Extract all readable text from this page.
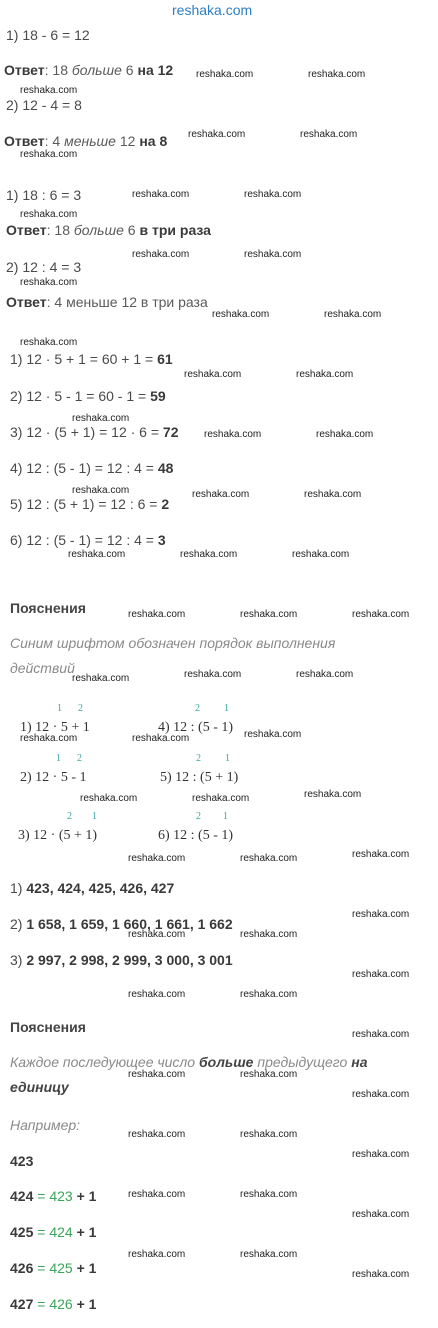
reshaka.com
1) 18 - 6 = 12
Ответ: 18 больше 6 на 12
2) 12 - 4 = 8
Ответ: 4 меньше 12 на 8
1) 18 : 6 = 3
Ответ: 18 больше 6 в три раза
2) 12 : 4 = 3
Ответ: 4 меньше 12 в три раза
1) 12 · 5 + 1 = 60 + 1 = 61
2) 12 · 5 - 1 = 60 - 1 = 59
3) 12 · (5 + 1) = 12 · 6 = 72
4) 12 : (5 - 1) = 12 : 4 = 48
5) 12 : (5 + 1) = 12 : 6 = 2
6) 12 : (5 - 1) = 12 : 4 = 3
Пояснения
Синим шрифтом обозначен порядок выполнения
действий
1) 12 · 5 + 1
1 2
2) 12 · 5 - 1
1 2
3) 12 · (5 + 1)
2 1
4) 12 : (5 - 1)
2 1
5) 12 : (5 + 1)
2 1
6) 12 : (5 - 1)
2 1
1) 423, 424, 425, 426, 427
2) 1 658, 1 659, 1 660, 1 661, 1 662
3) 2 997, 2 998, 2 999, 3 000, 3 001
Пояснения
Каждое последующее число больше предыдущего на
единицу
Например:
423
424 = 423 + 1
425 = 424 + 1
426 = 425 + 1
427 = 426 + 1
reshaka.com	reshaka.com
reshaka.com
reshaka.com	reshaka.com
reshaka.com
reshaka.com	reshaka.com
reshaka.com
reshaka.com	reshaka.com
reshaka.com
reshaka.com	reshaka.com
reshaka.com
reshaka.com	reshaka.com
reshaka.com
reshaka.com	reshaka.com
reshaka.com	reshaka.com	reshaka.com
reshaka.com	reshaka.com	reshaka.com
reshaka.com	reshaka.com	reshaka.com
reshaka.com	reshaka.com
reshaka.com
reshaka.com	reshaka.com	reshaka.com
reshaka.com	reshaka.com	reshaka.com
reshaka.com
reshaka.com	reshaka.com
reshaka.com
reshaka.com	reshaka.com
reshaka.com
reshaka.com	reshaka.com
reshaka.com
reshaka.com	reshaka.com
reshaka.com
reshaka.com	reshaka.com
reshaka.com
reshaka.com	reshaka.com
reshaka.com
reshaka.com	reshaka.com
reshaka.com
